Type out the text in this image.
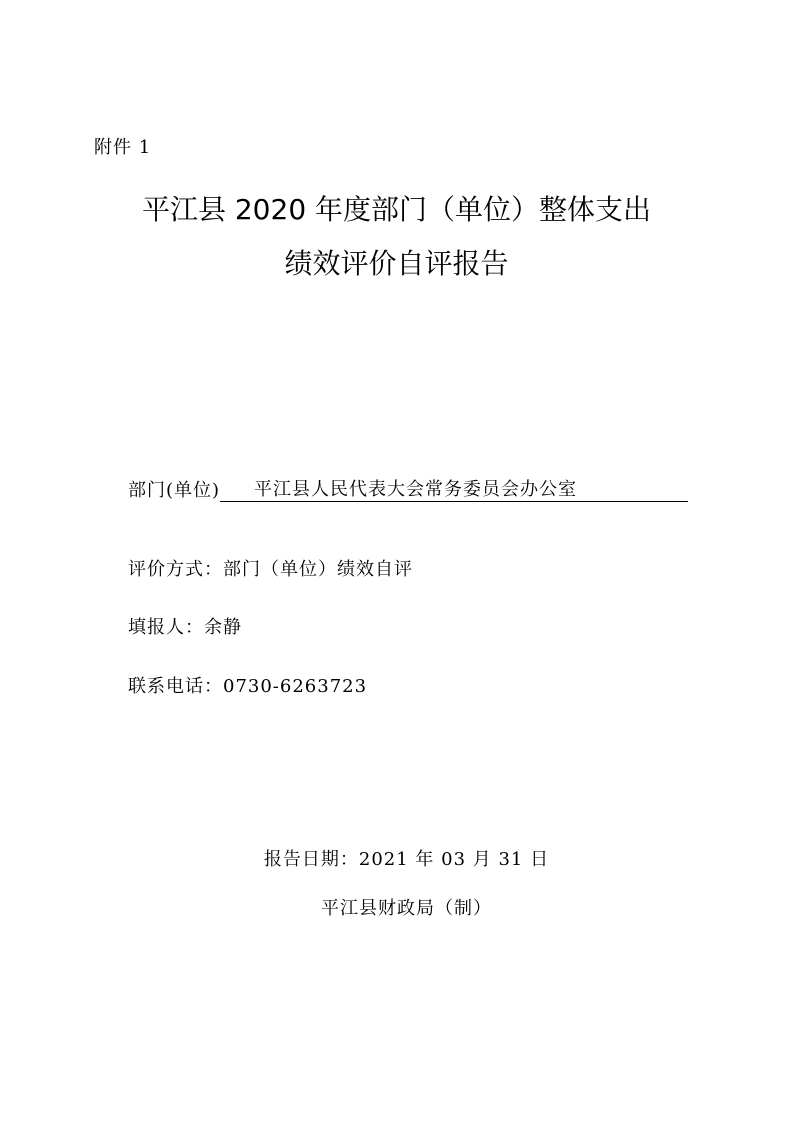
附件 1
平江县 2020 年度部门（单位）整体支出
绩效评价自评报告
部门(单位)	平江县人民代表大会常务委员会办公室
评价方式：部门（单位）绩效自评
填报人：余静
联系电话：0730-6263723
报告日期：2021 年 03 月 31 日
平江县财政局（制）
